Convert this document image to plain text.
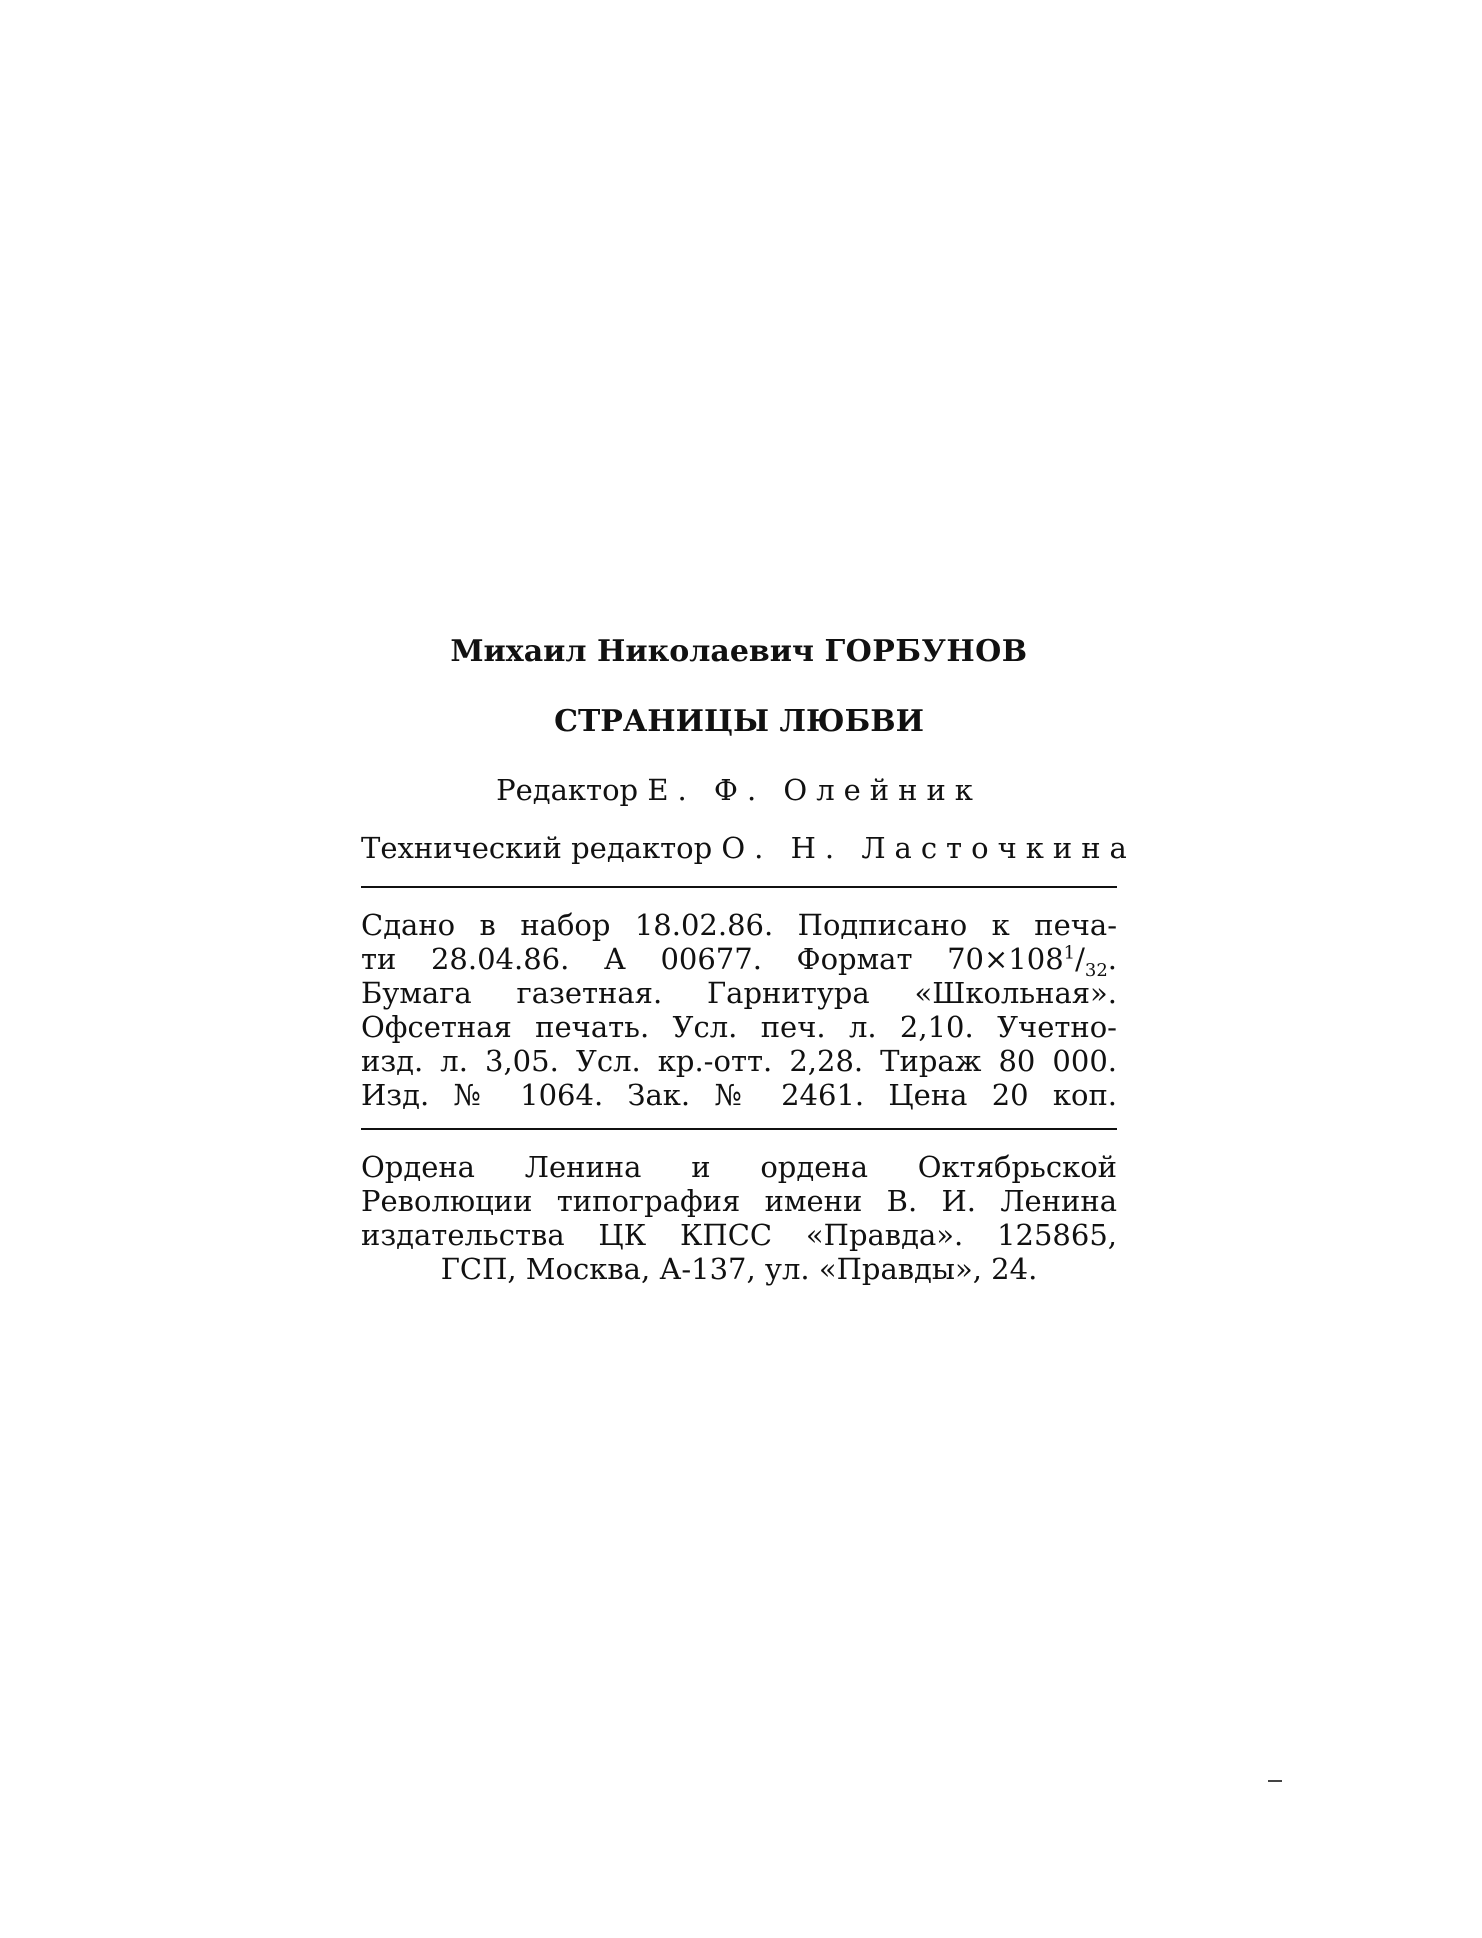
Михаил Николаевич ГОРБУНОВ
СТРАНИЦЫ ЛЮБВИ
Редактор Е. Ф. Олейник
Технический редактор О. Н. Ласточкина
Сдано в набор 18.02.86. Подписано к печа-
ти 28.04.86. А 00677. Формат $70\times 108^1/_{32}$.
Бумага газетная. Гарнитура «Школьная».
Офсетная печать. Усл. печ. л. 2,10. Учетно-
изд. л. 3,05. Усл. кр.-отт. 2,28. Тираж 80 000.
Изд. № 1064. Зак. № 2461. Цена 20 коп.
Ордена Ленина и ордена Октябрьской
Революции типография имени В. И. Ленина
издательства ЦК КПСС «Правда». 125865,
ГСП, Москва, А-137, ул. «Правды», 24.
